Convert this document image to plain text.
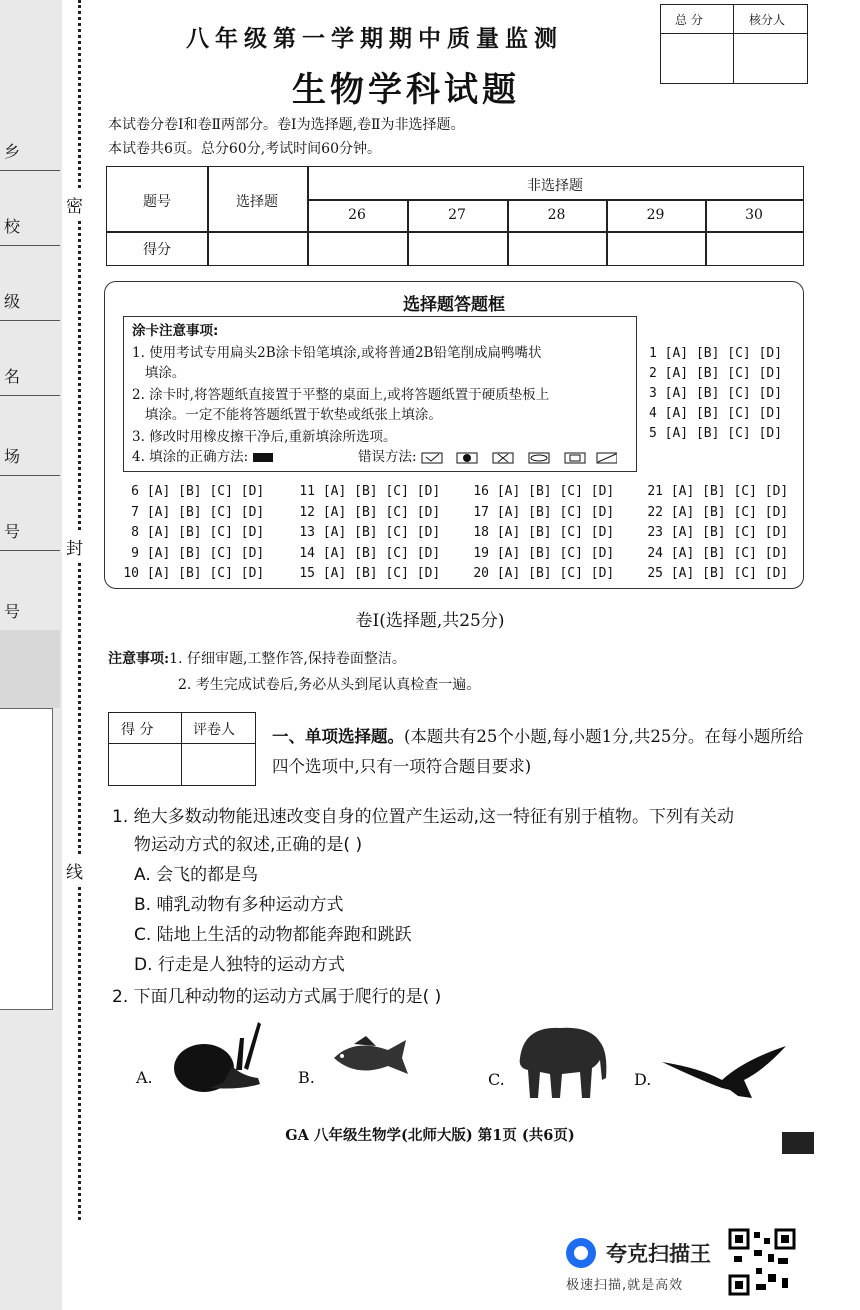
乡
校
级
名
场
号
号
密
封
线
八年级第一学期期中质量监测
生物学科试题
总 分	核分人
本试卷分卷Ⅰ和卷Ⅱ两部分。卷Ⅰ为选择题,卷Ⅱ为非选择题。
本试卷共6页。总分60分,考试时间60分钟。
题号	选择题
非选择题
26	27	28	29	30
得分
选择题答题框
涂卡注意事项:
1. 使用考试专用扁头2B涂卡铅笔填涂,或将普通2B铅笔削成扁鸭嘴状
填涂。
2. 涂卡时,将答题纸直接置于平整的桌面上,或将答题纸置于硬质垫板上
填涂。一定不能将答题纸置于软垫或纸张上填涂。
3. 修改时用橡皮擦干净后,重新填涂所选项。
4. 填涂的正确方法:	错误方法:
1 [A] [B] [C] [D]
2 [A] [B] [C] [D]
3 [A] [B] [C] [D]
4 [A] [B] [C] [D]
5 [A] [B] [C] [D]
6 [A] [B] [C] [D]
7 [A] [B] [C] [D]
8 [A] [B] [C] [D]
9 [A] [B] [C] [D]
10 [A] [B] [C] [D]
11 [A] [B] [C] [D]
12 [A] [B] [C] [D]
13 [A] [B] [C] [D]
14 [A] [B] [C] [D]
15 [A] [B] [C] [D]
16 [A] [B] [C] [D]
17 [A] [B] [C] [D]
18 [A] [B] [C] [D]
19 [A] [B] [C] [D]
20 [A] [B] [C] [D]
21 [A] [B] [C] [D]
22 [A] [B] [C] [D]
23 [A] [B] [C] [D]
24 [A] [B] [C] [D]
25 [A] [B] [C] [D]
卷Ⅰ(选择题,共25分)
注意事项:1. 仔细审题,工整作答,保持卷面整洁。
2. 考生完成试卷后,务必从头到尾认真检查一遍。
得 分	评卷人 一、单项选择题。(本题共有25个小题,每小题1分,共25分。在每小题所给四个选项中,只有一项符合题目要求)
1. 绝大多数动物能迅速改变自身的位置产生运动,这一特征有别于植物。下列有关动
物运动方式的叙述,正确的是( )
A. 会飞的都是鸟
B. 哺乳动物有多种运动方式
C. 陆地上生活的动物都能奔跑和跳跃
D. 行走是人独特的运动方式
2. 下面几种动物的运动方式属于爬行的是( )
A.	B.	C.	D.
GA 八年级生物学(北师大版) 第1页 (共6页)
夸克扫描王
极速扫描,就是高效
